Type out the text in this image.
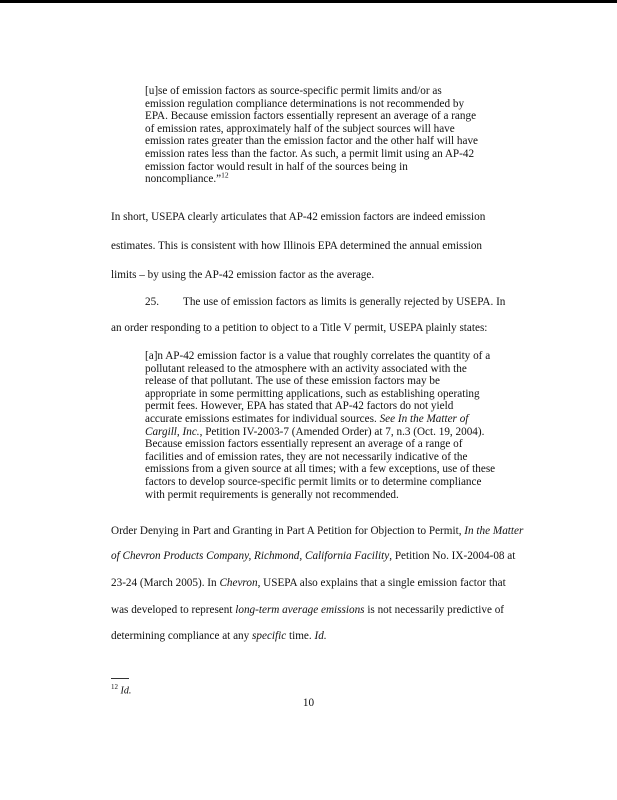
[u]se of emission factors as source-specific permit limits and/or as
emission regulation compliance determinations is not recommended by
EPA. Because emission factors essentially represent an average of a range
of emission rates, approximately half of the subject sources will have
emission rates greater than the emission factor and the other half will have
emission rates less than the factor. As such, a permit limit using an AP-42
emission factor would result in half of the sources being in
noncompliance.”$^{12}$
In short, USEPA clearly articulates that AP-42 emission factors are indeed emission
estimates. This is consistent with how Illinois EPA determined the annual emission
limits – by using the AP-42 emission factor as the average.
25. The use of emission factors as limits is generally rejected by USEPA. In
an order responding to a petition to object to a Title V permit, USEPA plainly states:
[a]n AP-42 emission factor is a value that roughly correlates the quantity of a
pollutant released to the atmosphere with an activity associated with the
release of that pollutant. The use of these emission factors may be
appropriate in some permitting applications, such as establishing operating
permit fees. However, EPA has stated that AP-42 factors do not yield
accurate emissions estimates for individual sources. See In the Matter of
Cargill, Inc., Petition IV-2003-7 (Amended Order) at 7, n.3 (Oct. 19, 2004).
Because emission factors essentially represent an average of a range of
facilities and of emission rates, they are not necessarily indicative of the
emissions from a given source at all times; with a few exceptions, use of these
factors to develop source-specific permit limits or to determine compliance
with permit requirements is generally not recommended.
Order Denying in Part and Granting in Part A Petition for Objection to Permit, In the Matter
of Chevron Products Company, Richmond, California Facility, Petition No. IX-2004-08 at
23-24 (March 2005). In Chevron, USEPA also explains that a single emission factor that
was developed to represent long-term average emissions is not necessarily predictive of
determining compliance at any specific time. Id.
$^{12}$ Id.
10
